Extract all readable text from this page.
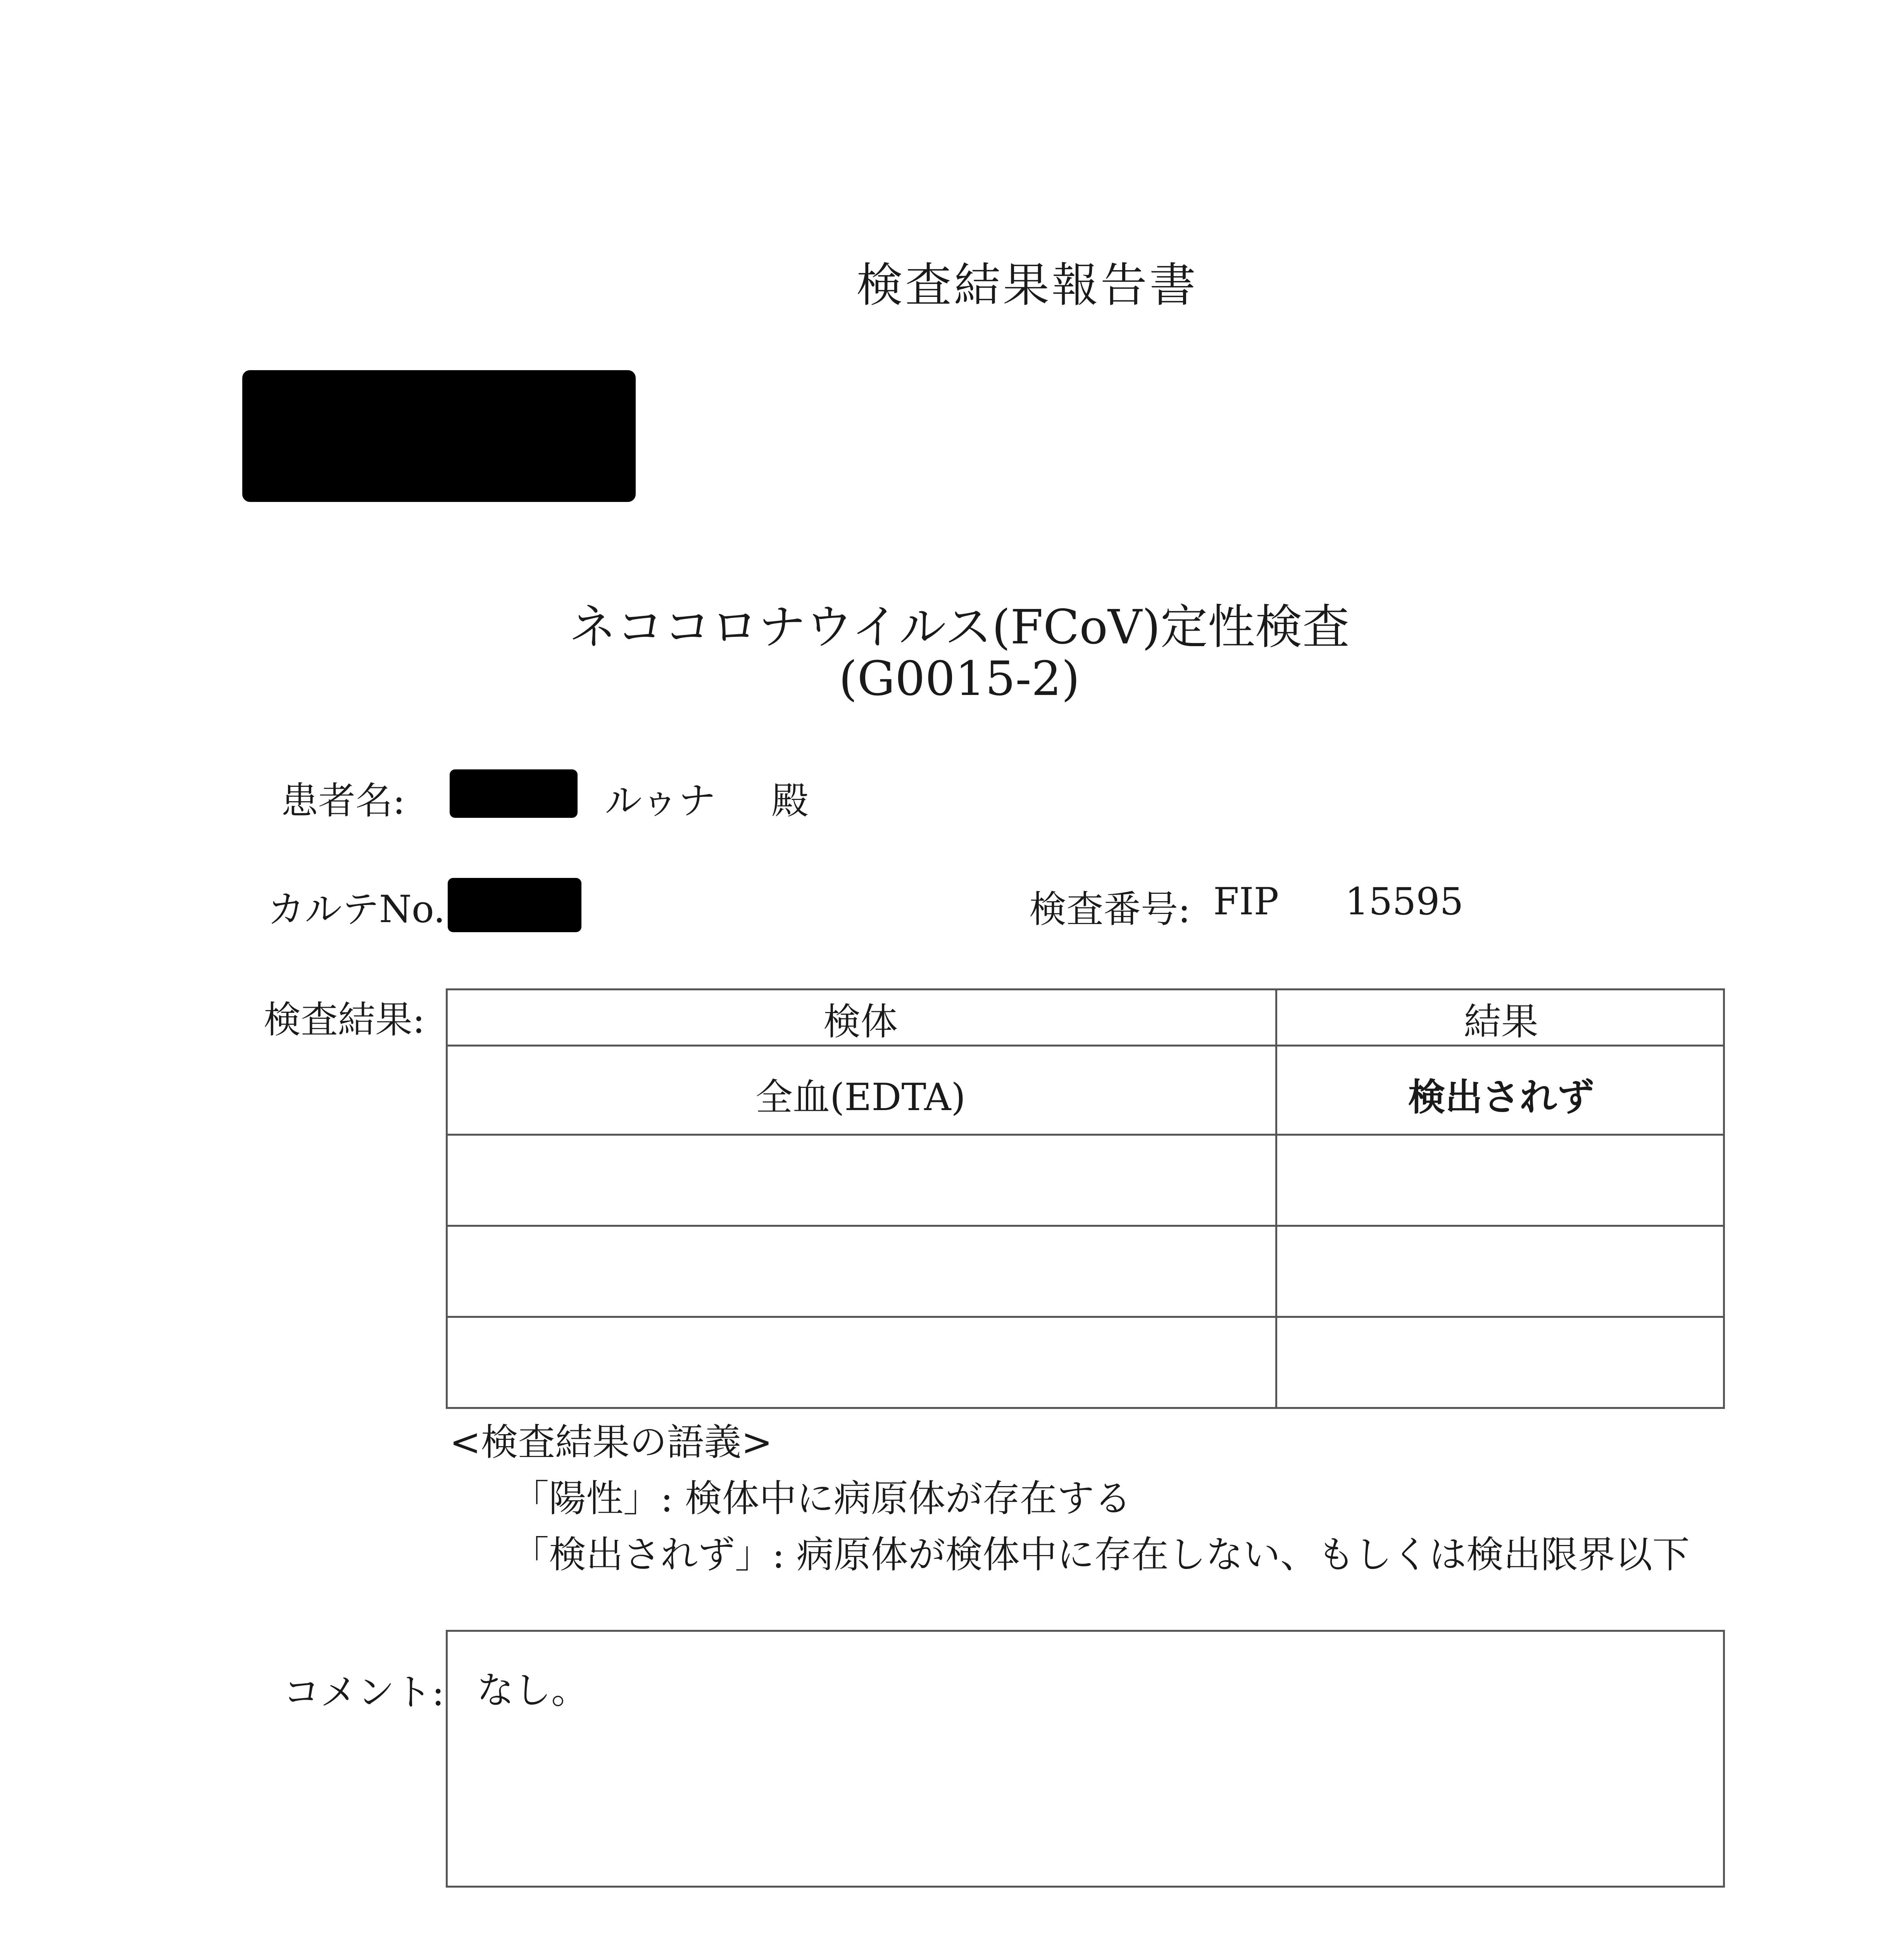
検査結果報告書
ネココロナウイルス(FCoV)定性検査
(G0015-2)
患者名:	ルゥナ 殿
カルテNo.	検査番号: FIP 15595
検査結果:	検体	結果
全血(EDTA)	検出されず
<検査結果の語義>
「陽性」: 検体中に病原体が存在する
「検出されず」: 病原体が検体中に存在しない、もしくは検出限界以下
コメント: なし。
